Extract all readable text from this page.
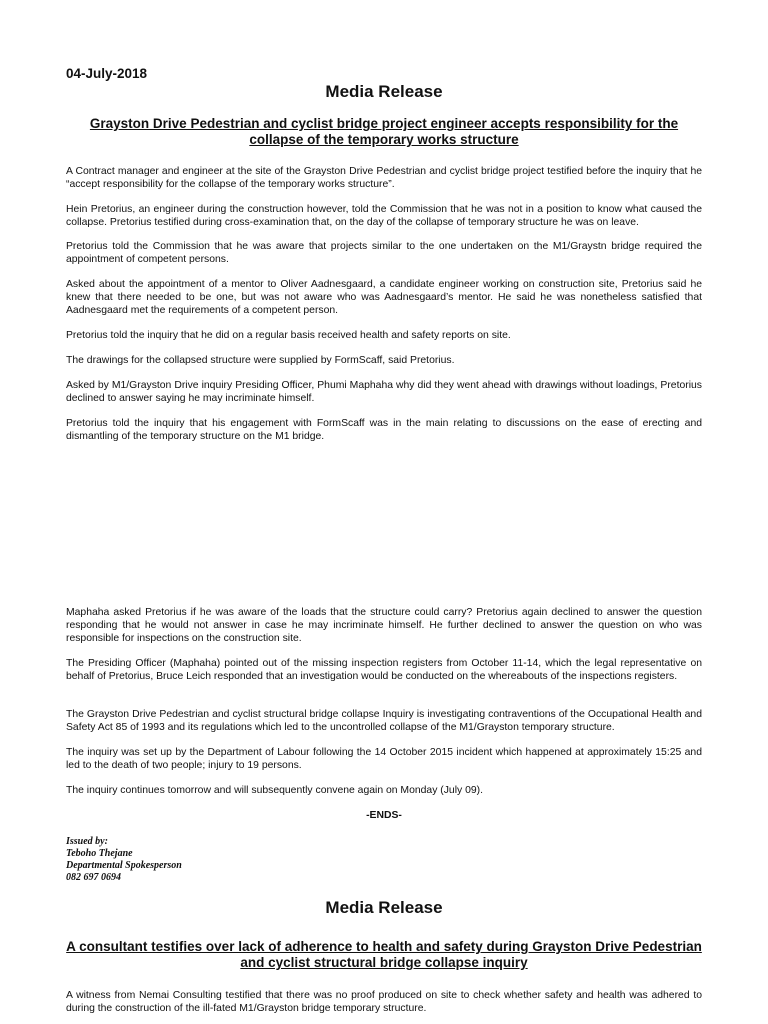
04-July-2018
Media Release
Grayston Drive Pedestrian and cyclist bridge project engineer accepts responsibility for the collapse of the temporary works structure

A Contract manager and engineer at the site of the Grayston Drive Pedestrian and cyclist bridge project testified before the inquiry that he “accept responsibility for the collapse of the temporary works structure”.

Hein Pretorius, an engineer during the construction however, told the Commission that he was not in a position to know what caused the collapse. Pretorius testified during cross-examination that, on the day of the collapse of temporary structure he was on leave.

Pretorius told the Commission that he was aware that projects similar to the one undertaken on the M1/Graystn bridge required the appointment of competent persons.

Asked about the appointment of a mentor to Oliver Aadnesgaard, a candidate engineer working on construction site, Pretorius said he knew that there needed to be one, but was not aware who was Aadnesgaard’s mentor. He said he was nonetheless satisfied that Aadnesgaard met the requirements of a competent person.

Pretorius told the inquiry that he did on a regular basis received health and safety reports on site.

The drawings for the collapsed structure were supplied by FormScaff, said Pretorius.

Asked by M1/Grayston Drive inquiry Presiding Officer, Phumi Maphaha why did they went ahead with drawings without loadings, Pretorius declined to answer saying he may incriminate himself.

Pretorius told the inquiry that his engagement with FormScaff was in the main relating to discussions on the ease of erecting and dismantling of the temporary structure on the M1 bridge.

Maphaha asked Pretorius if he was aware of the loads that the structure could carry? Pretorius again declined to answer the question responding that he would not answer in case he may incriminate himself. He further declined to answer the question on who was responsible for inspections on the construction site.

The Presiding Officer (Maphaha) pointed out of the missing inspection registers from October 11-14, which the legal representative on behalf of Pretorius, Bruce Leich responded that an investigation would be conducted on the whereabouts of the inspections registers.

The Grayston Drive Pedestrian and cyclist structural bridge collapse Inquiry is investigating contraventions of the Occupational Health and Safety Act 85 of 1993 and its regulations which led to the uncontrolled collapse of the M1/Grayston temporary structure.

The inquiry was set up by the Department of Labour following the 14 October 2015 incident which happened at approximately 15:25 and led to the death of two people; injury to 19 persons.

The inquiry continues tomorrow and will subsequently convene again on Monday (July 09).

-ENDS-
Issued by:
Teboho Thejane
Departmental Spokesperson
082 697 0694
Media Release
A consultant testifies over lack of adherence to health and safety during Grayston Drive Pedestrian and cyclist structural bridge collapse inquiry

A witness from Nemai Consulting testified that there was no proof produced on site to check whether safety and health was adhered to during the construction of the ill-fated M1/Grayston bridge temporary structure.
